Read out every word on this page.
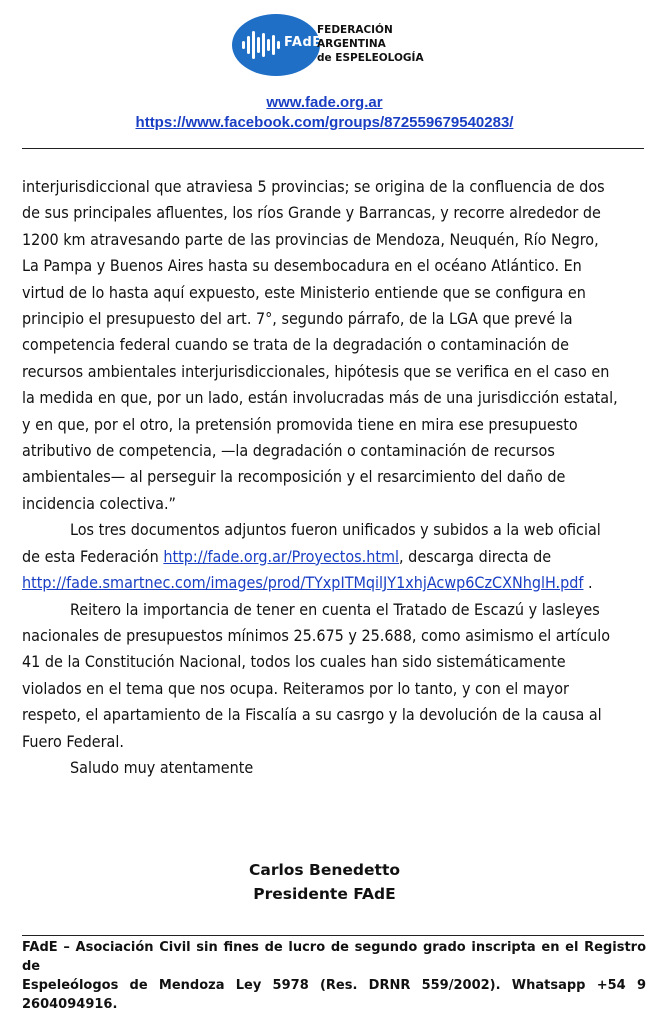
FAdE
FEDERACIÓN
ARGENTINA
de ESPELEOLOGÍA
www.fade.org.ar
https://www.facebook.com/groups/872559679540283/

interjurisdiccional que atraviesa 5 provincias; se origina de la confluencia de dos
de sus principales afluentes, los ríos Grande y Barrancas, y recorre alrededor de
1200 km atravesando parte de las provincias de Mendoza, Neuquén, Río Negro,
La Pampa y Buenos Aires hasta su desembocadura en el océano Atlántico. En
virtud de lo hasta aquí expuesto, este Ministerio entiende que se configura en
principio el presupuesto del art. 7°, segundo párrafo, de la LGA que prevé la
competencia federal cuando se trata de la degradación o contaminación de
recursos ambientales interjurisdiccionales, hipótesis que se verifica en el caso en
la medida en que, por un lado, están involucradas más de una jurisdicción estatal,
y en que, por el otro, la pretensión promovida tiene en mira ese presupuesto
atributivo de competencia, —la degradación o contaminación de recursos
ambientales— al perseguir la recomposición y el resarcimiento del daño de
incidencia colectiva.”

Los tres documentos adjuntos fueron unificados y subidos a la web oficial
de esta Federación http://fade.org.ar/Proyectos.html, descarga directa de
http://fade.smartnec.com/images/prod/TYxpITMqilJY1xhjAcwp6CzCXNhglH.pdf .

Reitero la importancia de tener en cuenta el Tratado de Escazú y lasleyes
nacionales de presupuestos mínimos 25.675 y 25.688, como asimismo el artículo
41 de la Constitución Nacional, todos los cuales han sido sistemáticamente
violados en el tema que nos ocupa. Reiteramos por lo tanto, y con el mayor
respeto, el apartamiento de la Fiscalía a su casrgo y la devolución de la causa al
Fuero Federal.

Saludo muy atentamente

Carlos Benedetto
Presidente FAdE
FAdE – Asociación Civil sin fines de lucro de segundo grado inscripta en el Registro de
Espeleólogos de Mendoza Ley 5978 (Res. DRNR 559/2002). Whatsapp +54 9 2604094916.
